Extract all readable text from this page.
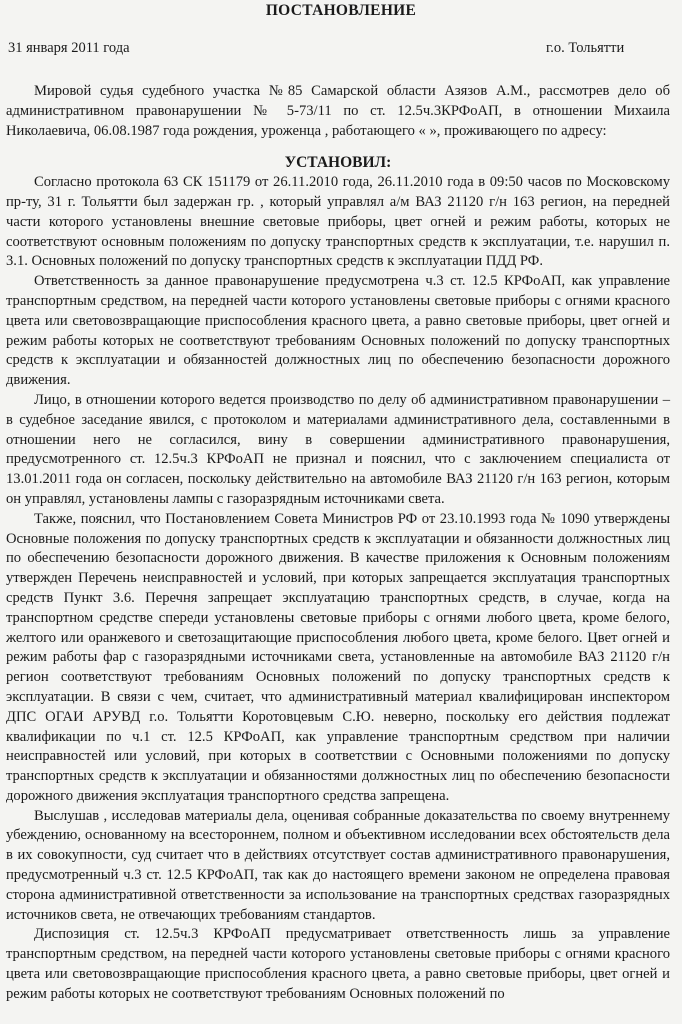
ПОСТАНОВЛЕНИЕ
31 января 2011 года	г.о. Тольятти

Мировой судья судебного участка №85 Самарской области Азязов А.М., рассмотрев дело об административном правонарушении № 5-73/11 по ст. 12.5ч.3КРФоАП, в отношении Михаила Николаевича, 06.08.1987 года рождения, уроженца , работающего « », проживающего по адресу:

УСТАНОВИЛ:

Согласно протокола 63 СК 151179 от 26.11.2010 года, 26.11.2010 года в 09:50 часов по Московскому пр-ту, 31 г. Тольятти был задержан гр. , который управлял а/м ВАЗ 21120 г/н 163 регион, на передней части которого установлены внешние световые приборы, цвет огней и режим работы, которых не соответствуют основным положениям по допуску транспортных средств к эксплуатации, т.е. нарушил п. 3.1. Основных положений по допуску транспортных средств к эксплуатации ПДД РФ.

Ответственность за данное правонарушение предусмотрена ч.3 ст. 12.5 КРФоАП, как управление транспортным средством, на передней части которого установлены световые приборы с огнями красного цвета или световозвращающие приспособления красного цвета, а равно световые приборы, цвет огней и режим работы которых не соответствуют требованиям Основных положений по допуску транспортных средств к эксплуатации и обязанностей должностных лиц по обеспечению безопасности дорожного движения.

Лицо, в отношении которого ведется производство по делу об административном правонарушении – в судебное заседание явился, с протоколом и материалами административного дела, составленными в отношении него не согласился, вину в совершении административного правонарушения, предусмотренного ст. 12.5ч.3 КРФоАП не признал и пояснил, что с заключением специалиста от 13.01.2011 года он согласен, поскольку действительно на автомобиле ВАЗ 21120 г/н 163 регион, которым он управлял, установлены лампы с газоразрядным источниками света.

Также, пояснил, что Постановлением Совета Министров РФ от 23.10.1993 года № 1090 утверждены Основные положения по допуску транспортных средств к эксплуатации и обязанности должностных лиц по обеспечению безопасности дорожного движения. В качестве приложения к Основным положениям утвержден Перечень неисправностей и условий, при которых запрещается эксплуатация транспортных средств Пункт 3.6. Перечня запрещает эксплуатацию транспортных средств, в случае, когда на транспортном средстве спереди установлены световые приборы с огнями любого цвета, кроме белого, желтого или оранжевого и светозащитающие приспособления любого цвета, кроме белого. Цвет огней и режим работы фар с газоразрядными источниками света, установленные на автомобиле ВАЗ 21120 г/н регион соответствуют требованиям Основных положений по допуску транспортных средств к эксплуатации. В связи с чем, считает, что административный материал квалифицирован инспектором ДПС ОГАИ АРУВД г.о. Тольятти Коротовцевым С.Ю. неверно, поскольку его действия подлежат квалификации по ч.1 ст. 12.5 КРФоАП, как управление транспортным средством при наличии неисправностей или условий, при которых в соответствии с Основными положениями по допуску транспортных средств к эксплуатации и обязанностями должностных лиц по обеспечению безопасности дорожного движения эксплуатация транспортного средства запрещена.

Выслушав , исследовав материалы дела, оценивая собранные доказательства по своему внутреннему убеждению, основанному на всестороннем, полном и объективном исследовании всех обстоятельств дела в их совокупности, суд считает что в действиях отсутствует состав административного правонарушения, предусмотренный ч.3 ст. 12.5 КРФоАП, так как до настоящего времени законом не определена правовая сторона административной ответственности за использование на транспортных средствах газоразрядных источников света, не отвечающих требованиям стандартов.

Диспозиция ст. 12.5ч.3 КРФоАП предусматривает ответственность лишь за управление транспортным средством, на передней части которого установлены световые приборы с огнями красного цвета или световозвращающие приспособления красного цвета, а равно световые приборы, цвет огней и режим работы которых не соответствуют требованиям Основных положений по
